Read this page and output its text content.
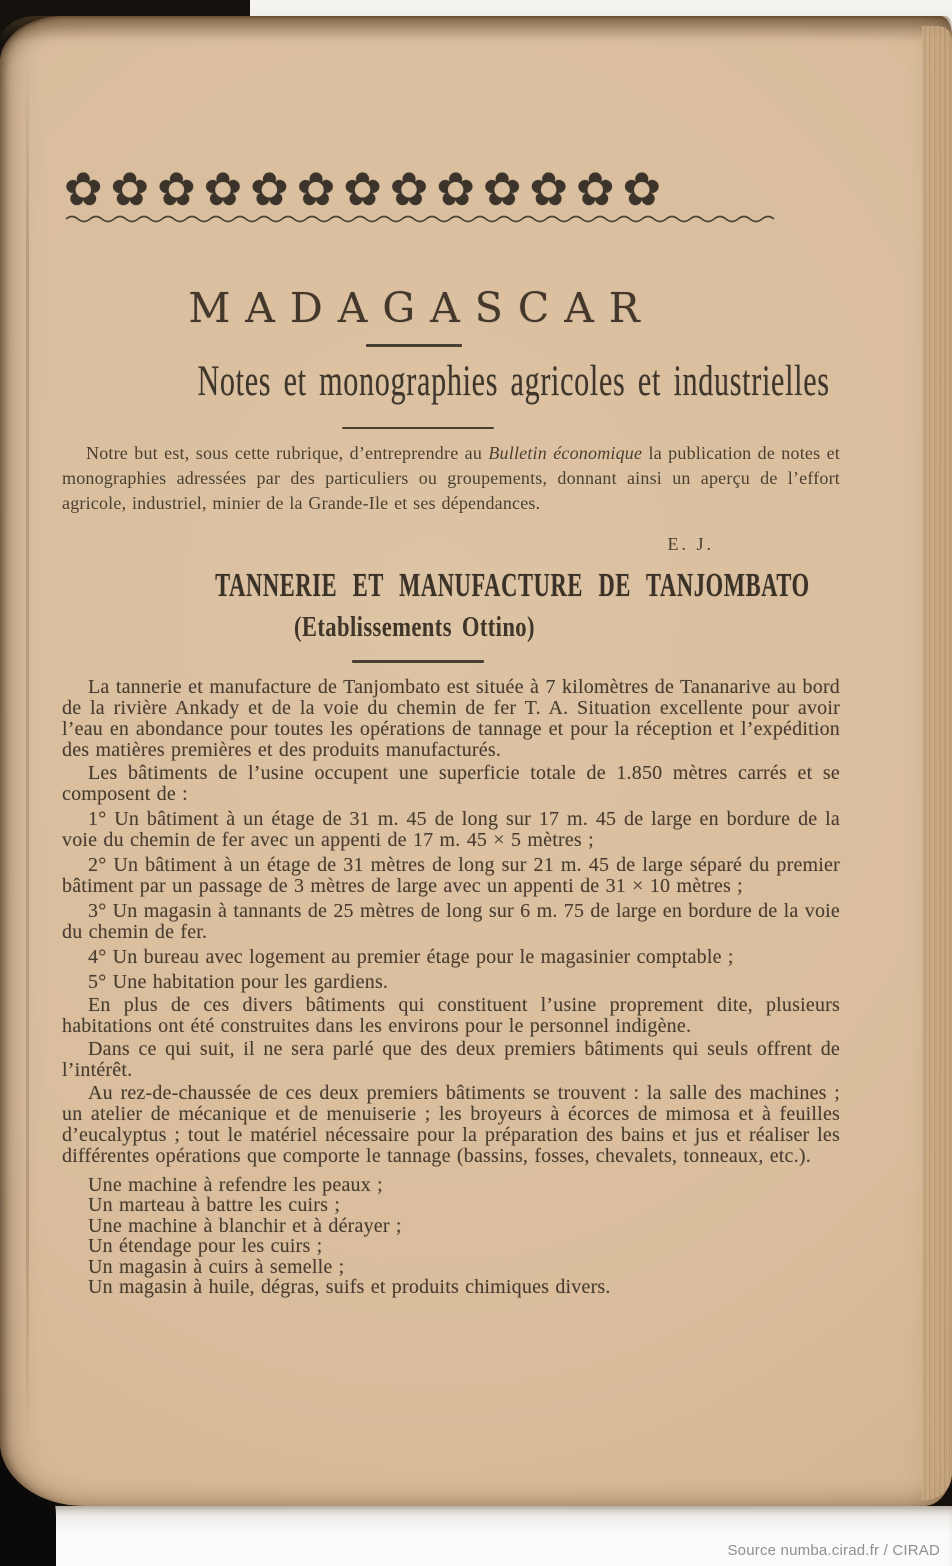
✿✿✿✿✿✿✿✿✿✿✿✿✿
MADAGASCAR
Notes et monographies agricoles et industrielles

Notre but est, sous cette rubrique, d’entreprendre au Bulletin économique la publication de notes et monographies adressées par des particuliers ou groupements, donnant ainsi un aperçu de l’effort agricole, industriel, minier de la Grande-Ile et ses dépendances.

E. J.
TANNERIE ET MANUFACTURE DE TANJOMBATO
(Etablissements Ottino)

La tannerie et manufacture de Tanjombato est située à 7 kilomètres de Tananarive au bord de la rivière Ankady et de la voie du chemin de fer T. A. Situation excellente pour avoir l’eau en abondance pour toutes les opérations de tannage et pour la réception et l’expédition des matières premières et des produits manufacturés.

Les bâtiments de l’usine occupent une superficie totale de 1.850 mètres carrés et se composent de :

1° Un bâtiment à un étage de 31 m. 45 de long sur 17 m. 45 de large en bordure de la voie du chemin de fer avec un appenti de 17 m. 45 × 5 mètres ;

2° Un bâtiment à un étage de 31 mètres de long sur 21 m. 45 de large séparé du premier bâtiment par un passage de 3 mètres de large avec un appenti de 31 × 10 mètres ;

3° Un magasin à tannants de 25 mètres de long sur 6 m. 75 de large en bordure de la voie du chemin de fer.

4° Un bureau avec logement au premier étage pour le magasinier comptable ;

5° Une habitation pour les gardiens.

En plus de ces divers bâtiments qui constituent l’usine proprement dite, plusieurs habitations ont été construites dans les environs pour le personnel indigène.

Dans ce qui suit, il ne sera parlé que des deux premiers bâtiments qui seuls offrent de l’intérêt.

Au rez-de-chaussée de ces deux premiers bâtiments se trouvent : la salle des machines ; un atelier de mécanique et de menuiserie ; les broyeurs à écorces de mimosa et à feuilles d’eucalyptus ; tout le matériel nécessaire pour la préparation des bains et jus et réaliser les différentes opérations que comporte le tannage (bassins, fosses, chevalets, tonneaux, etc.).

Une machine à refendre les peaux ;
Un marteau à battre les cuirs ;
Une machine à blanchir et à dérayer ;
Un étendage pour les cuirs ;
Un magasin à cuirs à semelle ;
Un magasin à huile, dégras, suifs et produits chimiques divers.
Source numba.cirad.fr / CIRAD
